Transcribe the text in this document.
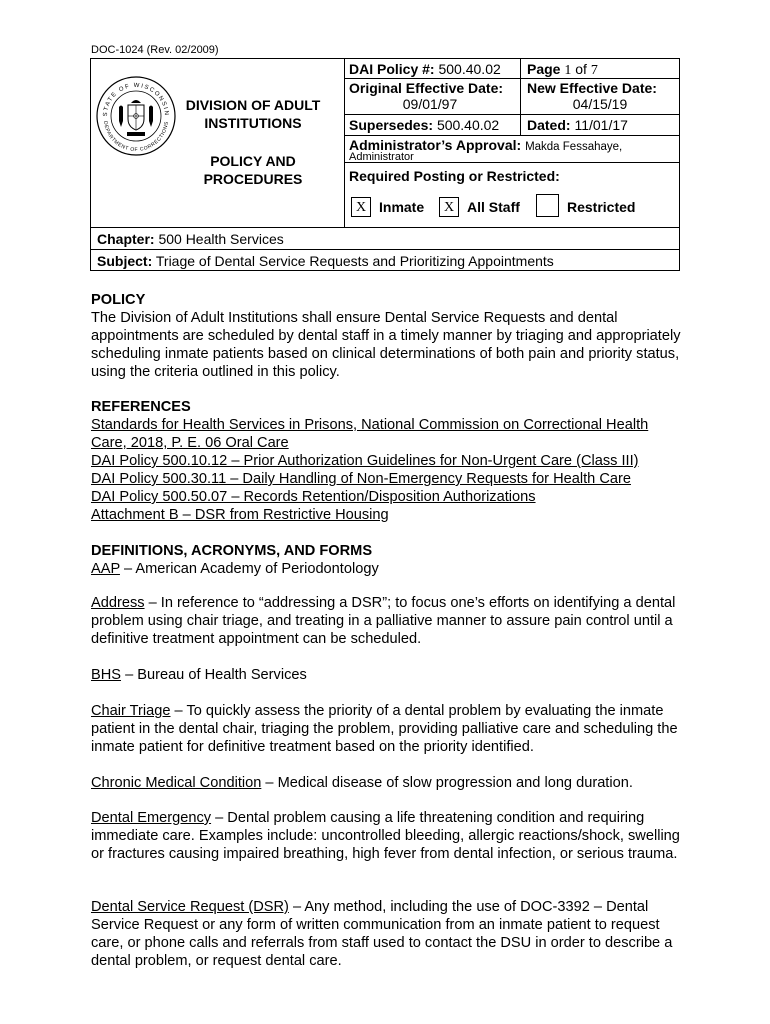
DOC-1024 (Rev. 02/2009)
STATE OF WISCONSIN
DEPARTMENT OF CORRECTIONS
DIVISION OF ADULT
INSTITUTIONS
POLICY AND
PROCEDURES
DAI Policy #: 500.40.02 Page 1 of 7
Original Effective Date:
09/01/97
New Effective Date:
04/15/19
Supersedes: 500.40.02 Dated: 11/01/17
Administrator’s Approval: Makda Fessahaye,
Administrator
Required Posting or Restricted:
X Inmate	X All Staff	Restricted
Chapter: 500 Health Services
Subject: Triage of Dental Service Requests and Prioritizing Appointments

POLICY

The Division of Adult Institutions shall ensure Dental Service Requests and dental appointments are scheduled by dental staff in a timely manner by triaging and appropriately scheduling inmate patients based on clinical determinations of both pain and priority status, using the criteria outlined in this policy.

REFERENCES

Standards for Health Services in Prisons, National Commission on Correctional Health Care, 2018, P. E. 06 Oral Care

DAI Policy 500.10.12 – Prior Authorization Guidelines for Non-Urgent Care (Class III)

DAI Policy 500.30.11 – Daily Handling of Non-Emergency Requests for Health Care

DAI Policy 500.50.07 – Records Retention/Disposition Authorizations

Attachment B – DSR from Restrictive Housing

DEFINITIONS, ACRONYMS, AND FORMS

AAP – American Academy of Periodontology

Address – In reference to “addressing a DSR”; to focus one’s efforts on identifying a dental problem using chair triage, and treating in a palliative manner to assure pain control until a definitive treatment appointment can be scheduled.
BHS – Bureau of Health Services
Chair Triage – To quickly assess the priority of a dental problem by evaluating the inmate patient in the dental chair, triaging the problem, providing palliative care and scheduling the inmate patient for definitive treatment based on the priority identified.
Chronic Medical Condition – Medical disease of slow progression and long duration.
Dental Emergency – Dental problem causing a life threatening condition and requiring immediate care. Examples include: uncontrolled bleeding, allergic reactions/shock, swelling or fractures causing impaired breathing, high fever from dental infection, or serious trauma.
Dental Service Request (DSR) – Any method, including the use of DOC-3392 – Dental Service Request or any form of written communication from an inmate patient to request care, or phone calls and referrals from staff used to contact the DSU in order to describe a dental problem, or request dental care.
